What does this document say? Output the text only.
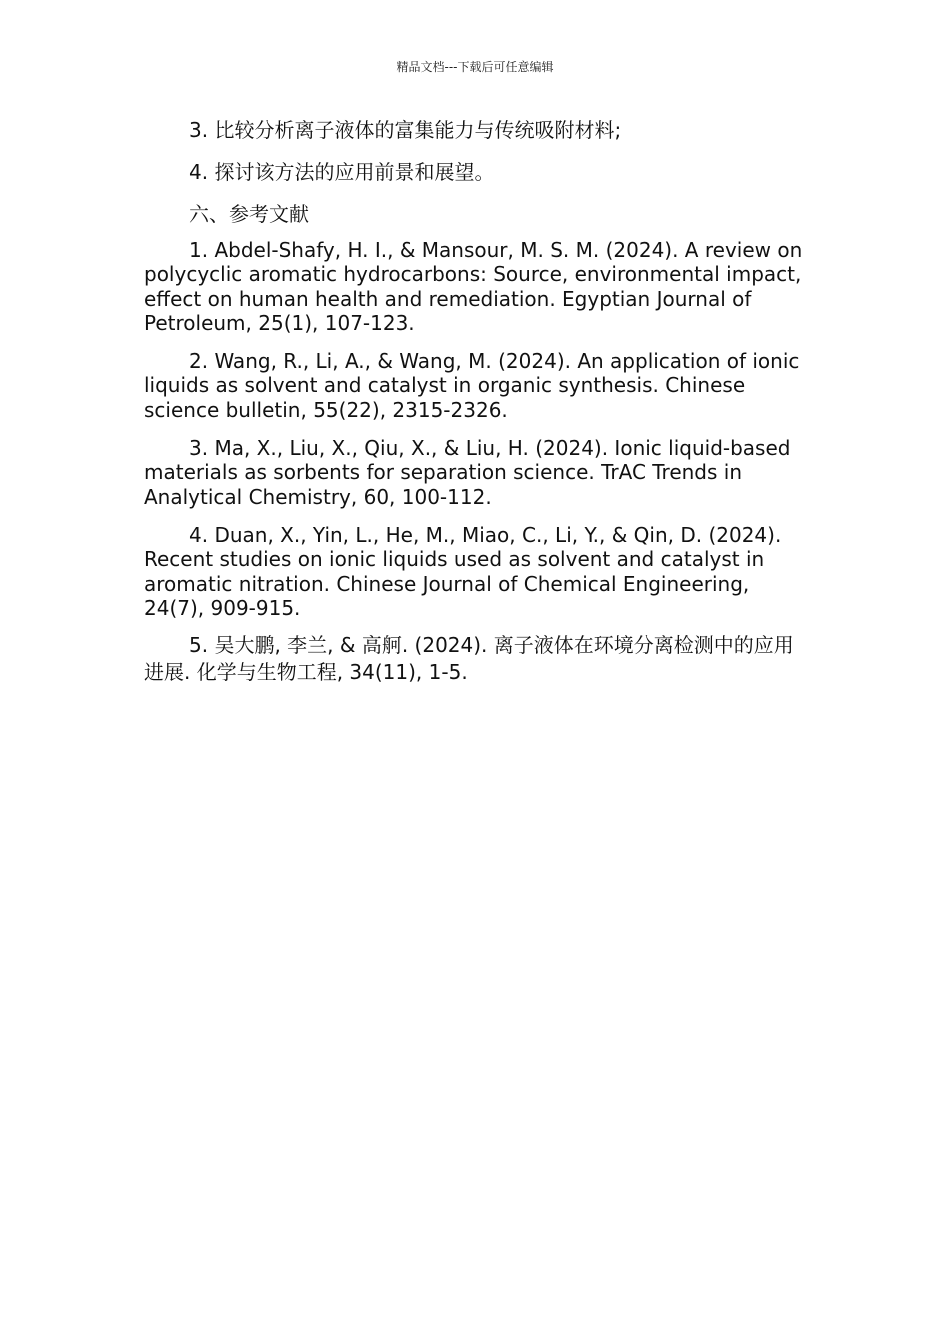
精品文档---下载后可任意编辑

3. 比较分析离子液体的富集能力与传统吸附材料;

4. 探讨该方法的应用前景和展望。

六、参考文献

1. Abdel-Shafy, H. I., & Mansour, M. S. M. (2024). A review on polycyclic aromatic hydrocarbons: Source, environmental impact, effect on human health and remediation. Egyptian Journal of Petroleum, 25(1), 107-123.

2. Wang, R., Li, A., & Wang, M. (2024). An application of ionic liquids as solvent and catalyst in organic synthesis. Chinese science bulletin, 55(22), 2315-2326.

3. Ma, X., Liu, X., Qiu, X., & Liu, H. (2024). Ionic liquid-based materials as sorbents for separation science. TrAC Trends in Analytical Chemistry, 60, 100-112.

4. Duan, X., Yin, L., He, M., Miao, C., Li, Y., & Qin, D. (2024). Recent studies on ionic liquids used as solvent and catalyst in aromatic nitration. Chinese Journal of Chemical Engineering, 24(7), 909-915.

5. 吴大鹏, 李兰, & 高舸. (2024). 离子液体在环境分离检测中的应用进展. 化学与生物工程, 34(11), 1-5.
